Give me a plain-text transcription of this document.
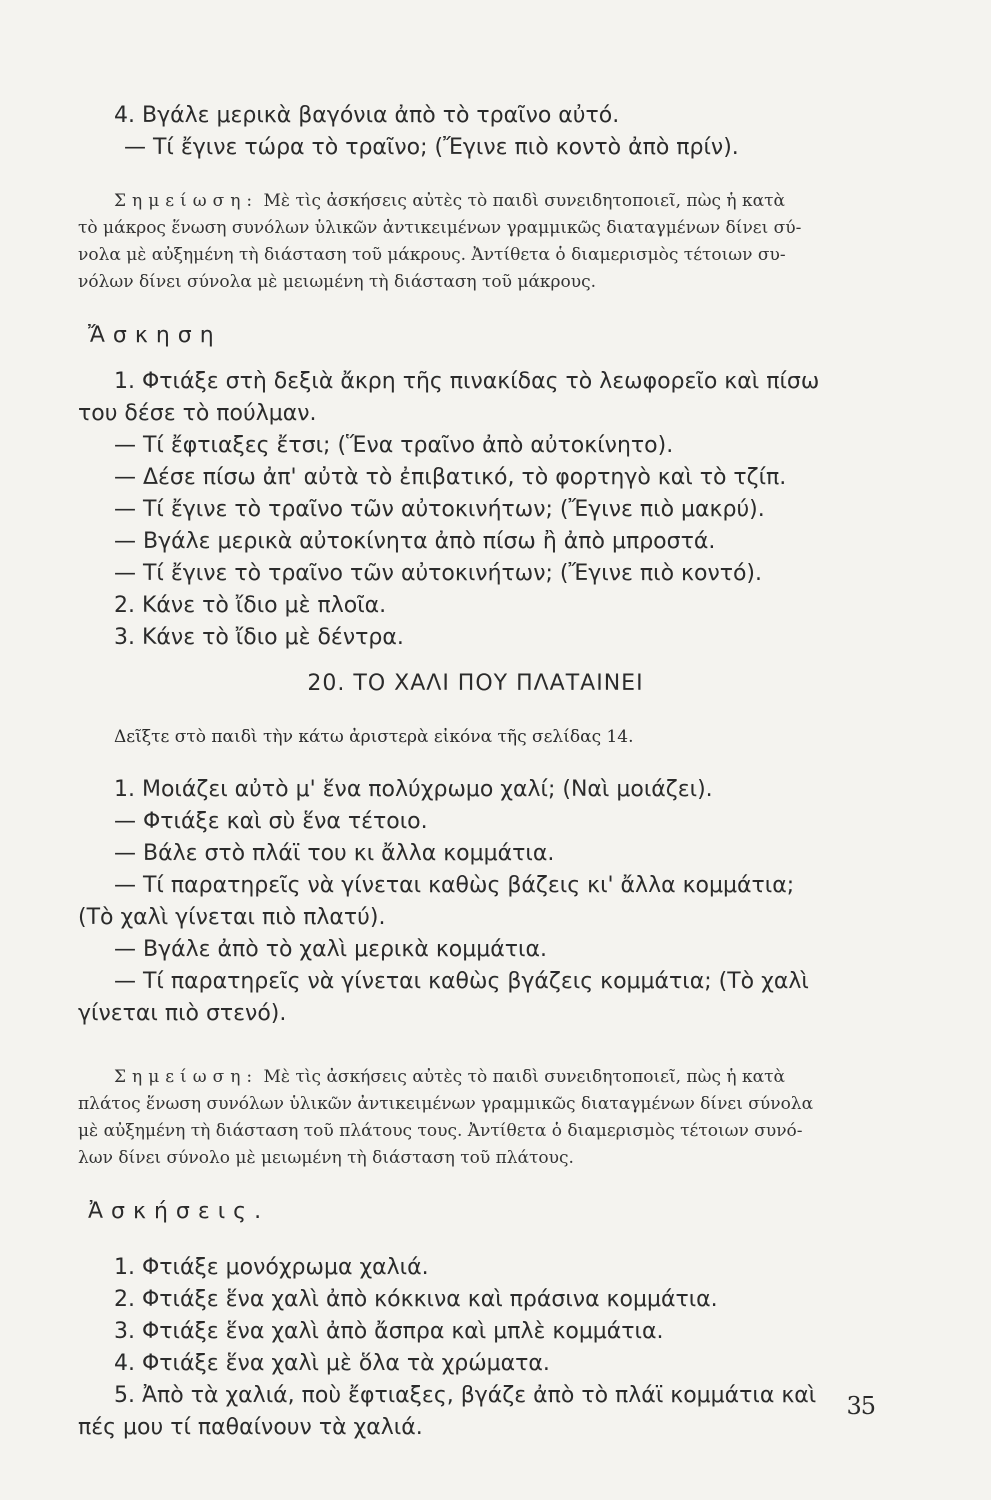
4. Βγάλε μερικὰ βαγόνια ἀπὸ τὸ τραῖνο αὐτό.

— Τί ἔγινε τώρα τὸ τραῖνο; (Ἔγινε πιὸ κοντὸ ἀπὸ πρίν).

Σημείωση: Μὲ τὶς ἀσκήσεις αὐτὲς τὸ παιδὶ συνειδητοποιεῖ, πὼς ἡ κατὰ

τὸ μάκρος ἕνωση συνόλων ὑλικῶν ἀντικειμένων γραμμικῶς διαταγμένων δίνει σύ-

νολα μὲ αὐξημένη τὴ διάσταση τοῦ μάκρους. Ἀντίθετα ὁ διαμερισμὸς τέτοιων συ-

νόλων δίνει σύνολα μὲ μειωμένη τὴ διάσταση τοῦ μάκρους.

Ἄσκηση

1. Φτιάξε στὴ δεξιὰ ἄκρη τῆς πινακίδας τὸ λεωφορεῖο καὶ πίσω

του δέσε τὸ πούλμαν.

— Τί ἔφτιαξες ἔτσι; (Ἕνα τραῖνο ἀπὸ αὐτοκίνητο).

— Δέσε πίσω ἀπ' αὐτὰ τὸ ἐπιβατικό, τὸ φορτηγὸ καὶ τὸ τζίπ.

— Τί ἔγινε τὸ τραῖνο τῶν αὐτοκινήτων; (Ἔγινε πιὸ μακρύ).

— Βγάλε μερικὰ αὐτοκίνητα ἀπὸ πίσω ἢ ἀπὸ μπροστά.

— Τί ἔγινε τὸ τραῖνο τῶν αὐτοκινήτων; (Ἔγινε πιὸ κοντό).

2. Κάνε τὸ ἴδιο μὲ πλοῖα.

3. Κάνε τὸ ἴδιο μὲ δέντρα.

20. ΤΟ ΧΑΛΙ ΠΟΥ ΠΛΑΤΑΙΝΕΙ

Δεῖξτε στὸ παιδὶ τὴν κάτω ἀριστερὰ εἰκόνα τῆς σελίδας 14.

1. Μοιάζει αὐτὸ μ' ἕνα πολύχρωμο χαλί; (Ναὶ μοιάζει).

— Φτιάξε καὶ σὺ ἕνα τέτοιο.

— Βάλε στὸ πλάϊ του κι ἄλλα κομμάτια.

— Τί παρατηρεῖς νὰ γίνεται καθὼς βάζεις κι' ἄλλα κομμάτια;

(Τὸ χαλὶ γίνεται πιὸ πλατύ).

— Βγάλε ἀπὸ τὸ χαλὶ μερικὰ κομμάτια.

— Τί παρατηρεῖς νὰ γίνεται καθὼς βγάζεις κομμάτια; (Τὸ χαλὶ

γίνεται πιὸ στενό).

Σημείωση: Μὲ τὶς ἀσκήσεις αὐτὲς τὸ παιδὶ συνειδητοποιεῖ, πὼς ἡ κατὰ

πλάτος ἕνωση συνόλων ὑλικῶν ἀντικειμένων γραμμικῶς διαταγμένων δίνει σύνολα

μὲ αὐξημένη τὴ διάσταση τοῦ πλάτους τους. Ἀντίθετα ὁ διαμερισμὸς τέτοιων συνό-

λων δίνει σύνολο μὲ μειωμένη τὴ διάσταση τοῦ πλάτους.

Ἀσκήσεις.

1. Φτιάξε μονόχρωμα χαλιά.

2. Φτιάξε ἕνα χαλὶ ἀπὸ κόκκινα καὶ πράσινα κομμάτια.

3. Φτιάξε ἕνα χαλὶ ἀπὸ ἄσπρα καὶ μπλὲ κομμάτια.

4. Φτιάξε ἕνα χαλὶ μὲ ὅλα τὰ χρώματα.

5. Ἀπὸ τὰ χαλιά, ποὺ ἔφτιαξες, βγάζε ἀπὸ τὸ πλάϊ κομμάτια καὶ

πές μου τί παθαίνουν τὰ χαλιά.

35
